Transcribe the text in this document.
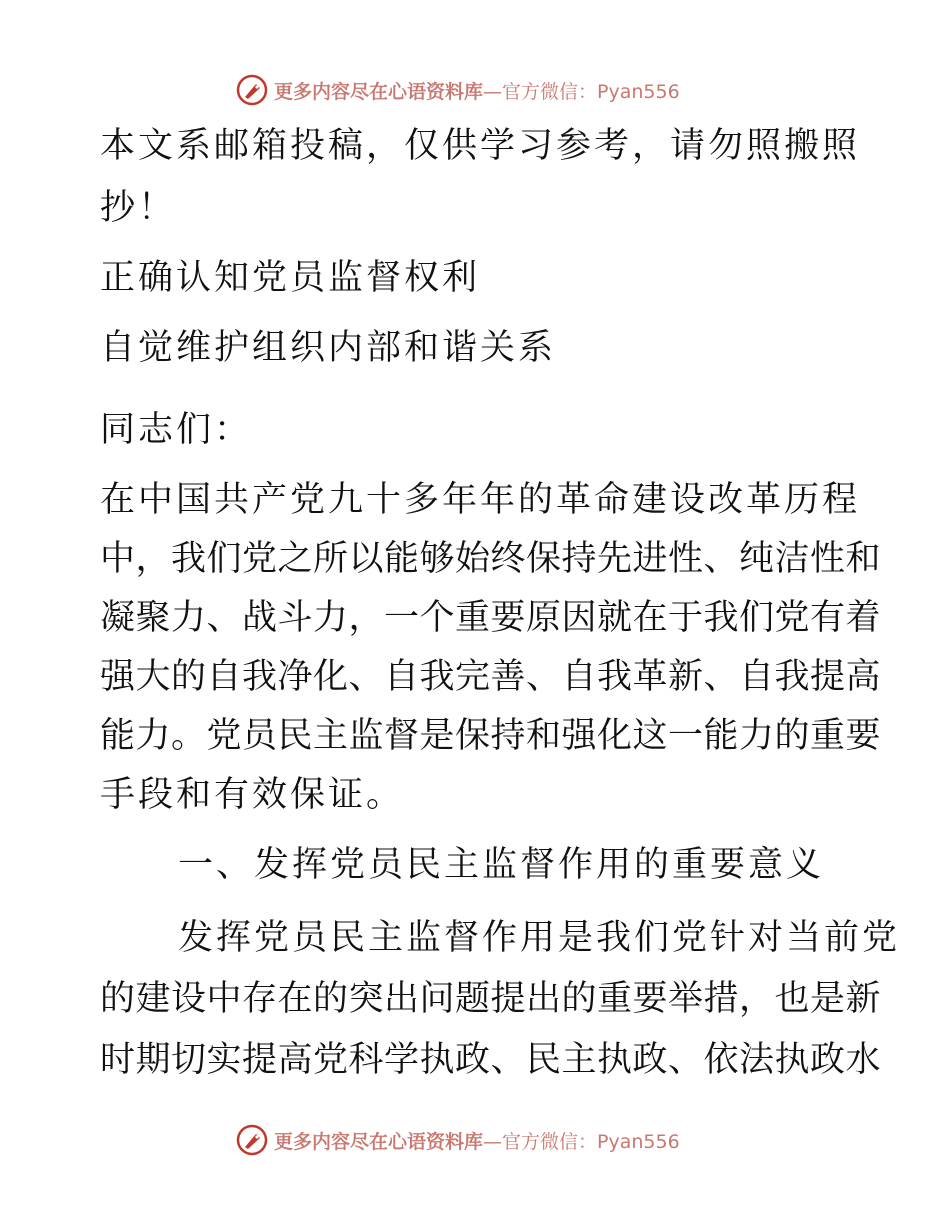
更多内容尽在心语资料库 —官方微信：Pyan556
本文系邮箱投稿，仅供学习参考，请勿照搬照
抄！
正确认知党员监督权利
自觉维护组织内部和谐关系
同志们：
在中国共产党九十多年年的革命建设改革历程
中，我们党之所以能够始终保持先进性、纯洁性和
凝聚力、战斗力，一个重要原因就在于我们党有着
强大的自我净化、自我完善、自我革新、自我提高
能力。党员民主监督是保持和强化这一能力的重要
手段和有效保证。
一、发挥党员民主监督作用的重要意义
发挥党员民主监督作用是我们党针对当前党
的建设中存在的突出问题提出的重要举措，也是新
时期切实提高党科学执政、民主执政、依法执政水
更多内容尽在心语资料库 —官方微信：Pyan556
